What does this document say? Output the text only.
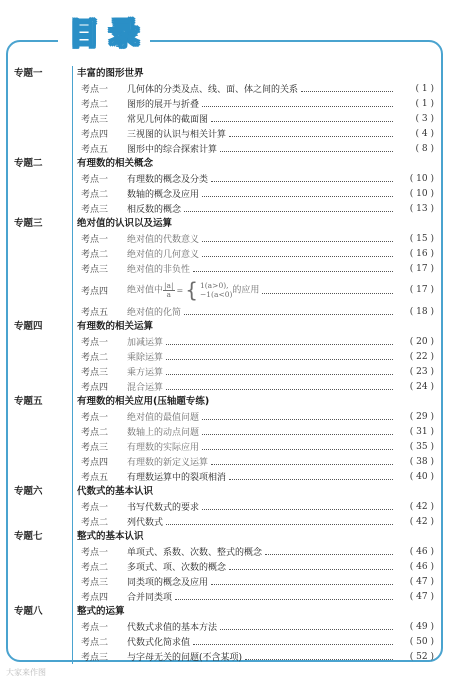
目 录
专题一	丰富的图形世界
考点一	几何体的分类及点、线、面、体之间的关系	( 1 )
考点二	图形的展开与折叠	( 1 )
考点三	常见几何体的截面图	( 3 )
考点四	三视图的认识与相关计算	( 4 )
考点五	图形中的综合探索计算	( 8 )
专题二	有理数的相关概念
考点一	有理数的概念及分类	( 10 )
考点二	数轴的概念及应用	( 10 )
考点三	相反数的概念	( 13 )
专题三	绝对值的认识以及运算
考点一	绝对值的代数意义	( 15 )
考点二	绝对值的几何意义	( 16 )
考点三	绝对值的非负性	( 17 )
考点四	绝对值中 $\frac{|a|}{a}$ = { 1(a>0),
−1(a<0) 的应用	( 17 )
考点五	绝对值的化简	( 18 )
专题四	有理数的相关运算
考点一	加减运算	( 20 )
考点二	乘除运算	( 22 )
考点三	乘方运算	( 23 )
考点四	混合运算	( 24 )
专题五	有理数的相关应用(压轴题专练)
考点一	绝对值的最值问题	( 29 )
考点二	数轴上的动点问题	( 31 )
考点三	有理数的实际应用	( 35 )
考点四	有理数的新定义运算	( 38 )
考点五	有理数运算中的裂项相消	( 40 )
专题六	代数式的基本认识
考点一	书写代数式的要求	( 42 )
考点二	列代数式	( 42 )
专题七	整式的基本认识
考点一	单项式、系数、次数、整式的概念	( 46 )
考点二	多项式、项、次数的概念	( 46 )
考点三	同类项的概念及应用	( 47 )
考点四	合并同类项	( 47 )
专题八	整式的运算
考点一	代数式求值的基本方法	( 49 )
考点二	代数式化简求值	( 50 )
考点三	与字母无关的问题(不含某项)	( 52 )
大家来作图
